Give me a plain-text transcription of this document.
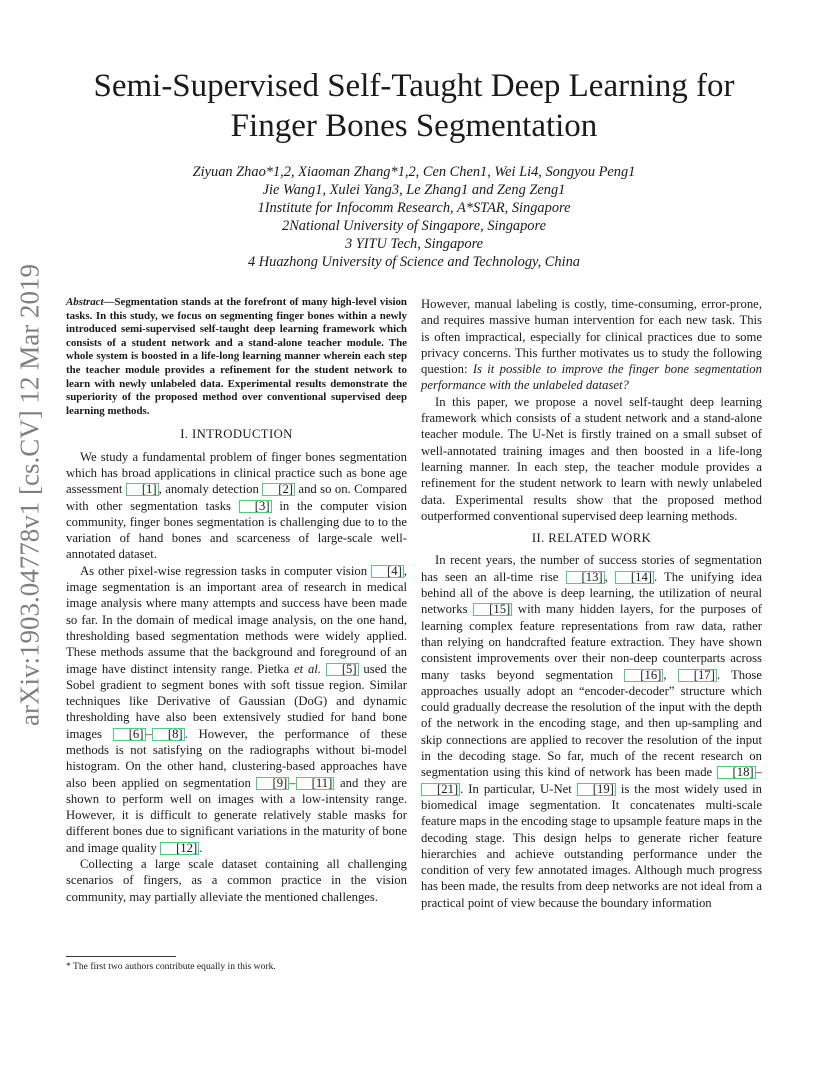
Semi-Supervised Self-Taught Deep Learning for
Finger Bones Segmentation
Ziyuan Zhao*1,2, Xiaoman Zhang*1,2, Cen Chen1, Wei Li4, Songyou Peng1
Jie Wang1, Xulei Yang3, Le Zhang1 and Zeng Zeng1
1Institute for Infocomm Research, A*STAR, Singapore
2National University of Singapore, Singapore
3 YITU Tech, Singapore
4 Huazhong University of Science and Technology, China
arXiv:1903.04778v1 [cs.CV] 12 Mar 2019 Abstract—Segmentation stands at the forefront of many high-level vision tasks. In this study, we focus on segmenting finger bones within a newly introduced semi-supervised self-taught deep learning framework which consists of a student network and a stand-alone teacher module. The whole system is boosted in a life-long learning manner wherein each step the teacher module provides a refinement for the student network to learn with newly unlabeled data. Experimental results demonstrate the superiority of the proposed method over conventional supervised deep learning methods.
I. INTRODUCTION

We study a fundamental problem of finger bones segmentation which has broad applications in clinical practice such as bone age assessment [1] , anomaly detection [2] and so on. Compared with other segmentation tasks [3] in the computer vision community, finger bones segmentation is challenging due to to the variation of hand bones and scarceness of large-scale well-annotated dataset.

As other pixel-wise regression tasks in computer vision [4] , image segmentation is an important area of research in medical image analysis where many attempts and success have been made so far. In the domain of medical image analysis, on the one hand, thresholding based segmentation methods were widely applied. These methods assume that the background and foreground of an image have distinct intensity range. Pietka et al. [5] used the Sobel gradient to segment bones with soft tissue region. Similar techniques like Derivative of Gaussian (DoG) and dynamic thresholding have also been extensively studied for hand bone images [6] – [8] . However, the performance of these methods is not satisfying on the radiographs without bi-model histogram. On the other hand, clustering-based approaches have also been applied on segmentation [9] – [11] and they are shown to perform well on images with a low-intensity range. However, it is difficult to generate relatively stable masks for different bones due to significant variations in the maturity of bone and image quality [12] .

Collecting a large scale dataset containing all challenging scenarios of fingers, as a common practice in the vision community, may partially alleviate the mentioned challenges.

However, manual labeling is costly, time-consuming, error-prone, and requires massive human intervention for each new task. This is often impractical, especially for clinical practices due to some privacy concerns. This further motivates us to study the following question: Is it possible to improve the finger bone segmentation performance with the unlabeled dataset?

In this paper, we propose a novel self-taught deep learning framework which consists of a student network and a stand-alone teacher module. The U-Net is firstly trained on a small subset of well-annotated training images and then boosted in a life-long learning manner. In each step, the teacher module provides a refinement for the student network to learn with newly unlabeled data. Experimental results show that the proposed method outperformed conventional supervised deep learning methods.

II. RELATED WORK

In recent years, the number of success stories of segmentation has seen an all-time rise [13] , [14] . The unifying idea behind all of the above is deep learning, the utilization of neural networks [15] with many hidden layers, for the purposes of learning complex feature representations from raw data, rather than relying on handcrafted feature extraction. They have shown consistent improvements over their non-deep counterparts across many tasks beyond segmentation [16] , [17] . Those approaches usually adopt an “encoder-decoder” structure which could gradually decrease the resolution of the input with the depth of the network in the encoding stage, and then up-sampling and skip connections are applied to recover the resolution of the input in the decoding stage. So far, much of the recent research on segmentation using this kind of network has been made [18] –[21] . In particular, U-Net [19] is the most widely used in biomedical image segmentation. It concatenates multi-scale feature maps in the encoding stage to upsample feature maps in the decoding stage. This design helps to generate richer feature hierarchies and achieve outstanding performance under the condition of very few annotated images. Although much progress has been made, the results from deep networks are not ideal from a practical point of view because the boundary information

* The first two authors contribute equally in this work.
